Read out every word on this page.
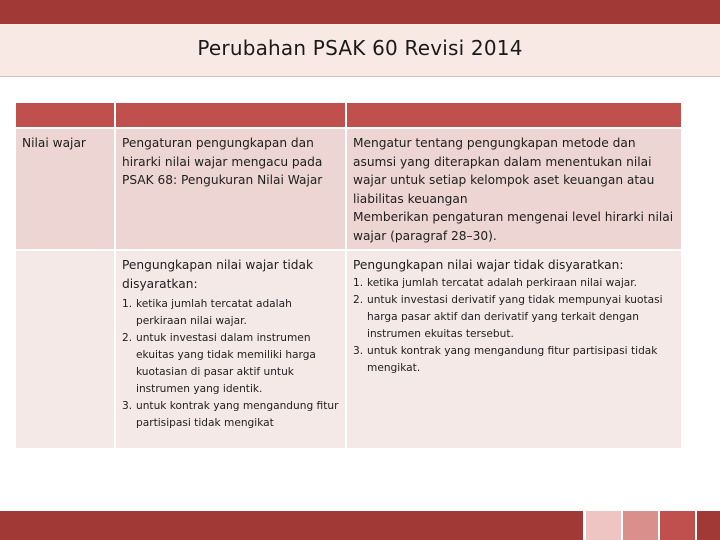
Perubahan PSAK 60 Revisi 2014
Nilai wajar	Pengaturan pengungkapan dan hirarki nilai wajar mengacu pada PSAK 68: Pengukuran Nilai Wajar
Mengatur tentang pengungkapan metode dan asumsi yang diterapkan dalam menentukan nilai wajar untuk setiap kelompok aset keuangan atau liabilitas keuangan
Memberikan pengaturan mengenai level hirarki nilai wajar (paragraf 28–30).
Pengungkapan nilai wajar tidak disyaratkan:
1. ketika jumlah tercatat adalah perkiraan nilai wajar.
2. untuk investasi dalam instrumen ekuitas yang tidak memiliki harga kuotasian di pasar aktif untuk instrumen yang identik.
3. untuk kontrak yang mengandung fitur partisipasi tidak mengikat
Pengungkapan nilai wajar tidak disyaratkan:
1. ketika jumlah tercatat adalah perkiraan nilai wajar.
2. untuk investasi derivatif yang tidak mempunyai kuotasi harga pasar aktif dan derivatif yang terkait dengan instrumen ekuitas tersebut.
3. untuk kontrak yang mengandung fitur partisipasi tidak mengikat.
